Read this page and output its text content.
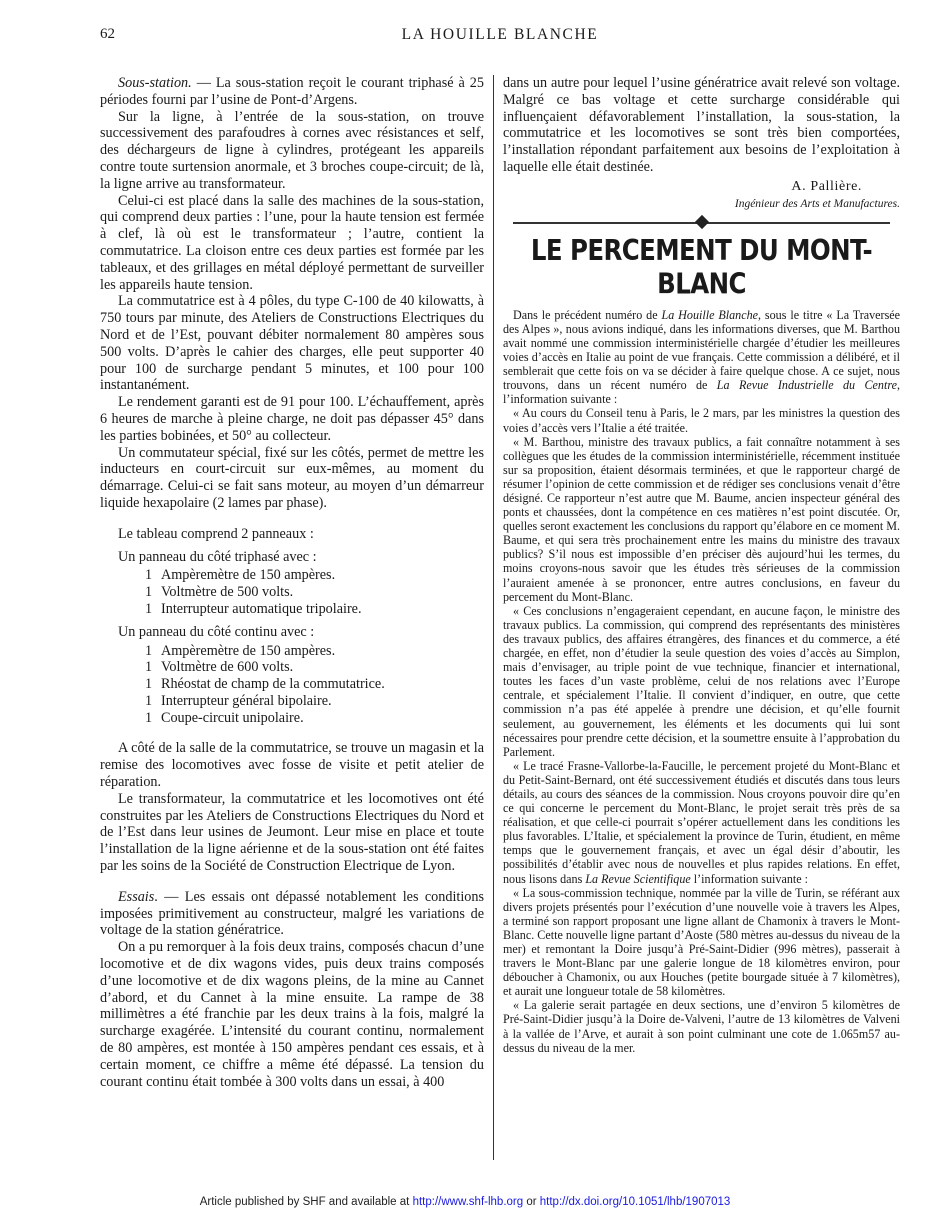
62	LA HOUILLE BLANCHE

Sous-station. — La sous-station reçoit le courant triphasé à 25 périodes fourni par l’usine de Pont-d’Argens.

Sur la ligne, à l’entrée de la sous-station, on trouve successivement des parafoudres à cornes avec résistances et self, des déchargeurs de ligne à cylindres, protégeant les appareils contre toute surtension anormale, et 3 broches coupe-circuit; de là, la ligne arrive au transformateur.

Celui-ci est placé dans la salle des machines de la sous-station, qui comprend deux parties : l’une, pour la haute tension est fermée à clef, là où est le transformateur ; l’autre, contient la commutatrice. La cloison entre ces deux parties est formée par les tableaux, et des grillages en métal déployé permettant de surveiller les appareils haute tension.

La commutatrice est à 4 pôles, du type C-100 de 40 kilowatts, à 750 tours par minute, des Ateliers de Constructions Electriques du Nord et de l’Est, pouvant débiter normalement 80 ampères sous 500 volts. D’après le cahier des charges, elle peut supporter 40 pour 100 de surcharge pendant 5 minutes, et 100 pour 100 instantanément.

Le rendement garanti est de 91 pour 100. L’échauffement, après 6 heures de marche à pleine charge, ne doit pas dépasser 45° dans les parties bobinées, et 50° au collecteur.

Un commutateur spécial, fixé sur les côtés, permet de mettre les inducteurs en court-circuit sur eux-mêmes, au moment du démarrage. Celui-ci se fait sans moteur, au moyen d’un démarreur liquide hexapolaire (2 lames par phase).

Le tableau comprend 2 panneaux :

Un panneau du côté triphasé avec :

1 Ampèremètre de 150 ampères.
1 Voltmètre de 500 volts.
1 Interrupteur automatique tripolaire.

Un panneau du côté continu avec :

1 Ampèremètre de 150 ampères.
1 Voltmètre de 600 volts.
1 Rhéostat de champ de la commutatrice.
1 Interrupteur général bipolaire.
1 Coupe-circuit unipolaire.

A côté de la salle de la commutatrice, se trouve un magasin et la remise des locomotives avec fosse de visite et petit atelier de réparation.

Le transformateur, la commutatrice et les locomotives ont été construites par les Ateliers de Constructions Electriques du Nord et de l’Est dans leur usines de Jeumont. Leur mise en place et toute l’installation de la ligne aérienne et de la sous-station ont été faites par les soins de la Société de Construction Electrique de Lyon.

Essais. — Les essais ont dépassé notablement les conditions imposées primitivement au constructeur, malgré les variations de voltage de la station génératrice.

On a pu remorquer à la fois deux trains, composés chacun d’une locomotive et de dix wagons vides, puis deux trains composés d’une locomotive et de dix wagons pleins, de la mine au Cannet d’abord, et du Cannet à la mine ensuite. La rampe de 38 millimètres a été franchie par les deux trains à la fois, malgré la surcharge exagérée. L’intensité du courant continu, normalement de 80 ampères, est montée à 150 ampères pendant ces essais, et à certain moment, ce chiffre a même été dépassé. La tension du courant continu était tombée à 300 volts dans un essai, à 400

dans un autre pour lequel l’usine génératrice avait relevé son voltage. Malgré ce bas voltage et cette surcharge considérable qui influençaient défavorablement l’installation, la sous-station, la commutatrice et les locomotives se sont très bien comportées, l’installation répondant parfaitement aux besoins de l’exploitation à laquelle elle était destinée.

A. Pallière.
Ingénieur des Arts et Manufactures.
LE PERCEMENT DU MONT-BLANC

Dans le précédent numéro de La Houille Blanche, sous le titre « La Traversée des Alpes », nous avions indiqué, dans les informations diverses, que M. Barthou avait nommé une commission interministérielle chargée d’étudier les meilleures voies d’accès en Italie au point de vue français. Cette commission a délibéré, et il semblerait que cette fois on va se décider à faire quelque chose. A ce sujet, nous trouvons, dans un récent numéro de La Revue Industrielle du Centre, l’information suivante :

« Au cours du Conseil tenu à Paris, le 2 mars, par les ministres la question des voies d’accès vers l’Italie a été traitée.

« M. Barthou, ministre des travaux publics, a fait connaître notamment à ses collègues que les études de la commission interministérielle, récemment instituée sur sa proposition, étaient désormais terminées, et que le rapporteur chargé de résumer l’opinion de cette commission et de rédiger ses conclusions venait d’être désigné. Ce rapporteur n’est autre que M. Baume, ancien inspecteur général des ponts et chaussées, dont la compétence en ces matières n’est point discutée. Or, quelles seront exactement les conclusions du rapport qu’élabore en ce moment M. Baume, et qui sera très prochainement entre les mains du ministre des travaux publics? S’il nous est impossible d’en préciser dès aujourd’hui les termes, du moins croyons-nous savoir que les études très sérieuses de la commission l’auraient amenée à se prononcer, entre autres conclusions, en faveur du percement du Mont-Blanc.

« Ces conclusions n’engageraient cependant, en aucune façon, le ministre des travaux publics. La commission, qui comprend des représentants des ministères des travaux publics, des affaires étrangères, des finances et du commerce, a été chargée, en effet, non d’étudier la seule question des voies d’accès au Simplon, mais d’envisager, au triple point de vue technique, financier et international, toutes les faces d’un vaste problème, celui de nos relations avec l’Europe centrale, et spécialement l’Italie. Il convient d’indiquer, en outre, que cette commission n’a pas été appelée à prendre une décision, et qu’elle fournit seulement, au gouvernement, les éléments et les documents qui lui sont nécessaires pour prendre cette décision, et la soumettre ensuite à l’approbation du Parlement.

« Le tracé Frasne-Vallorbe-la-Faucille, le percement projeté du Mont-Blanc et du Petit-Saint-Bernard, ont été successivement étudiés et discutés dans tous leurs détails, au cours des séances de la commission. Nous croyons pouvoir dire qu’en ce qui concerne le percement du Mont-Blanc, le projet serait très près de sa réalisation, et que celle-ci pourrait s’opérer actuellement dans les conditions les plus favorables. L’Italie, et spécialement la province de Turin, étudient, en même temps que le gouvernement français, et avec un égal désir d’aboutir, les possibilités d’établir avec nous de nouvelles et plus rapides relations. En effet, nous lisons dans La Revue Scientifique l’information suivante :

« La sous-commission technique, nommée par la ville de Turin, se référant aux divers projets présentés pour l’exécution d’une nouvelle voie à travers les Alpes, a terminé son rapport proposant une ligne allant de Chamonix à travers le Mont-Blanc. Cette nouvelle ligne partant d’Aoste (580 mètres au-dessus du niveau de la mer) et remontant la Doire jusqu’à Pré-Saint-Didier (996 mètres), passerait à travers le Mont-Blanc par une galerie longue de 18 kilomètres environ, pour déboucher à Chamonix, ou aux Houches (petite bourgade située à 7 kilomètres), et aurait une longueur totale de 58 kilomètres.

« La galerie serait partagée en deux sections, une d’environ 5 kilomètres de Pré-Saint-Didier jusqu’à la Doire de-Valveni, l’autre de 13 kilomètres de Valveni à la vallée de l’Arve, et aurait à son point culminant une cote de 1.065m57 au-dessus du niveau de la mer.

Article published by SHF and available at http://www.shf-lhb.org or http://dx.doi.org/10.1051/lhb/1907013
